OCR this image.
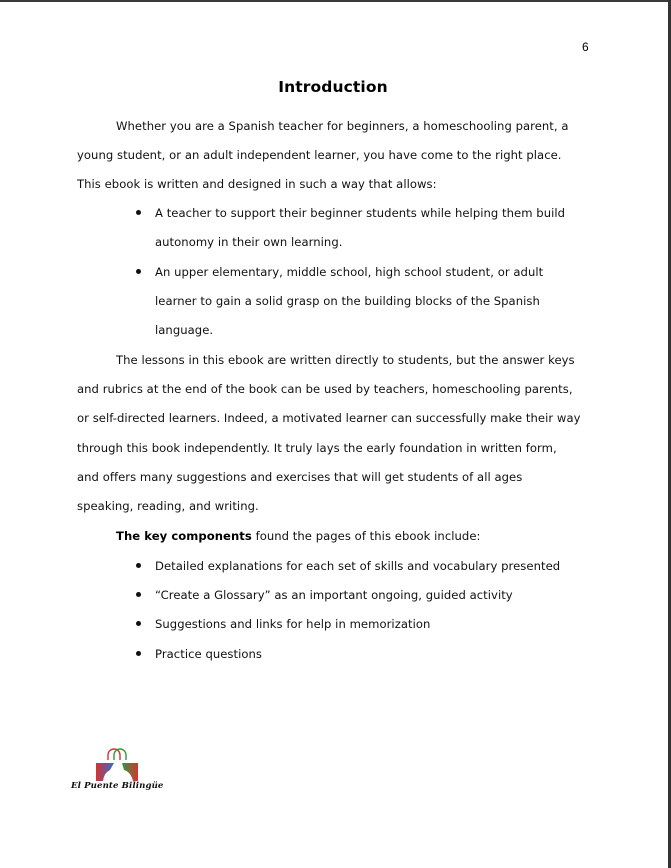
6
Introduction
Whether you are a Spanish teacher for beginners, a homeschooling parent, a
young student, or an adult independent learner, you have come to the right place.
This ebook is written and designed in such a way that allows:
A teacher to support their beginner students while helping them build
autonomy in their own learning.
An upper elementary, middle school, high school student, or adult
learner to gain a solid grasp on the building blocks of the Spanish
language.
The lessons in this ebook are written directly to students, but the answer keys
and rubrics at the end of the book can be used by teachers, homeschooling parents,
or self-directed learners. Indeed, a motivated learner can successfully make their way
through this book independently. It truly lays the early foundation in written form,
and offers many suggestions and exercises that will get students of all ages
speaking, reading, and writing.
The key components found the pages of this ebook include:
Detailed explanations for each set of skills and vocabulary presented
“Create a Glossary” as an important ongoing, guided activity
Suggestions and links for help in memorization
Practice questions
El Puente Bilingüe
